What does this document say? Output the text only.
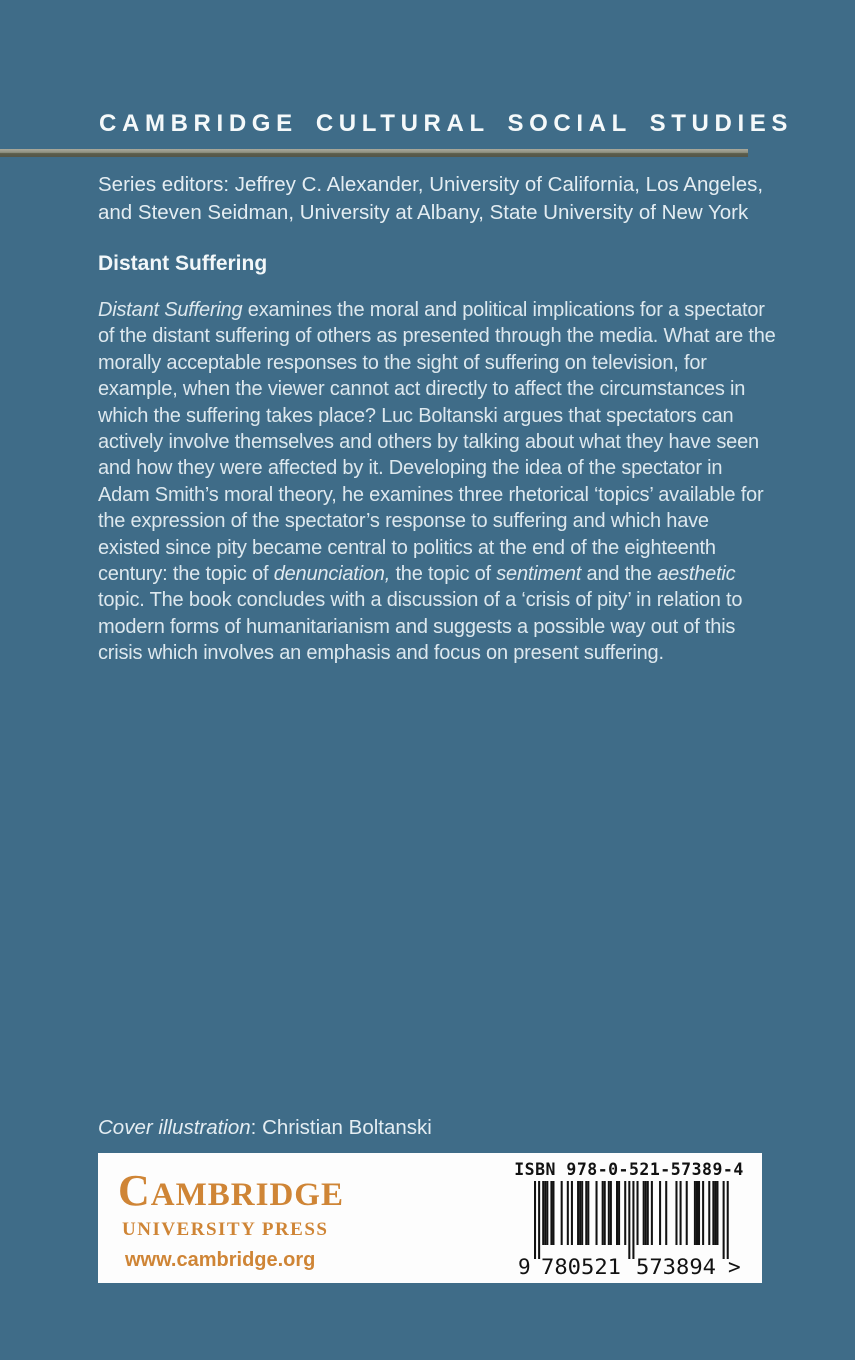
CAMBRIDGE CULTURAL SOCIAL STUDIES
Series editors: Jeffrey C. Alexander, University of California, Los Angeles,
and Steven Seidman, University at Albany, State University of New York
Distant Suffering
Distant Suffering examines the moral and political implications for a spectator of the distant suffering of others as presented through the media. What are the morally acceptable responses to the sight of suffering on television, for example, when the viewer cannot act directly to affect the circumstances in which the suffering takes place? Luc Boltanski argues that spectators can actively involve themselves and others by talking about what they have seen and how they were affected by it. Developing the idea of the spectator in Adam Smith’s moral theory, he examines three rhetorical ‘topics’ available for the expression of the spectator’s response to suffering and which have existed since pity became central to politics at the end of the eighteenth century: the topic of denunciation, the topic of sentiment and the aesthetic topic. The book concludes with a discussion of a ‘crisis of pity’ in relation to modern forms of humanitarianism and suggests a possible way out of this crisis which involves an emphasis and focus on present suffering.
Cover illustration: Christian Boltanski
CAMBRIDGE
UNIVERSITY PRESS
www.cambridge.org
ISBN 978-0-521-57389-4
9 780521 573894 >
